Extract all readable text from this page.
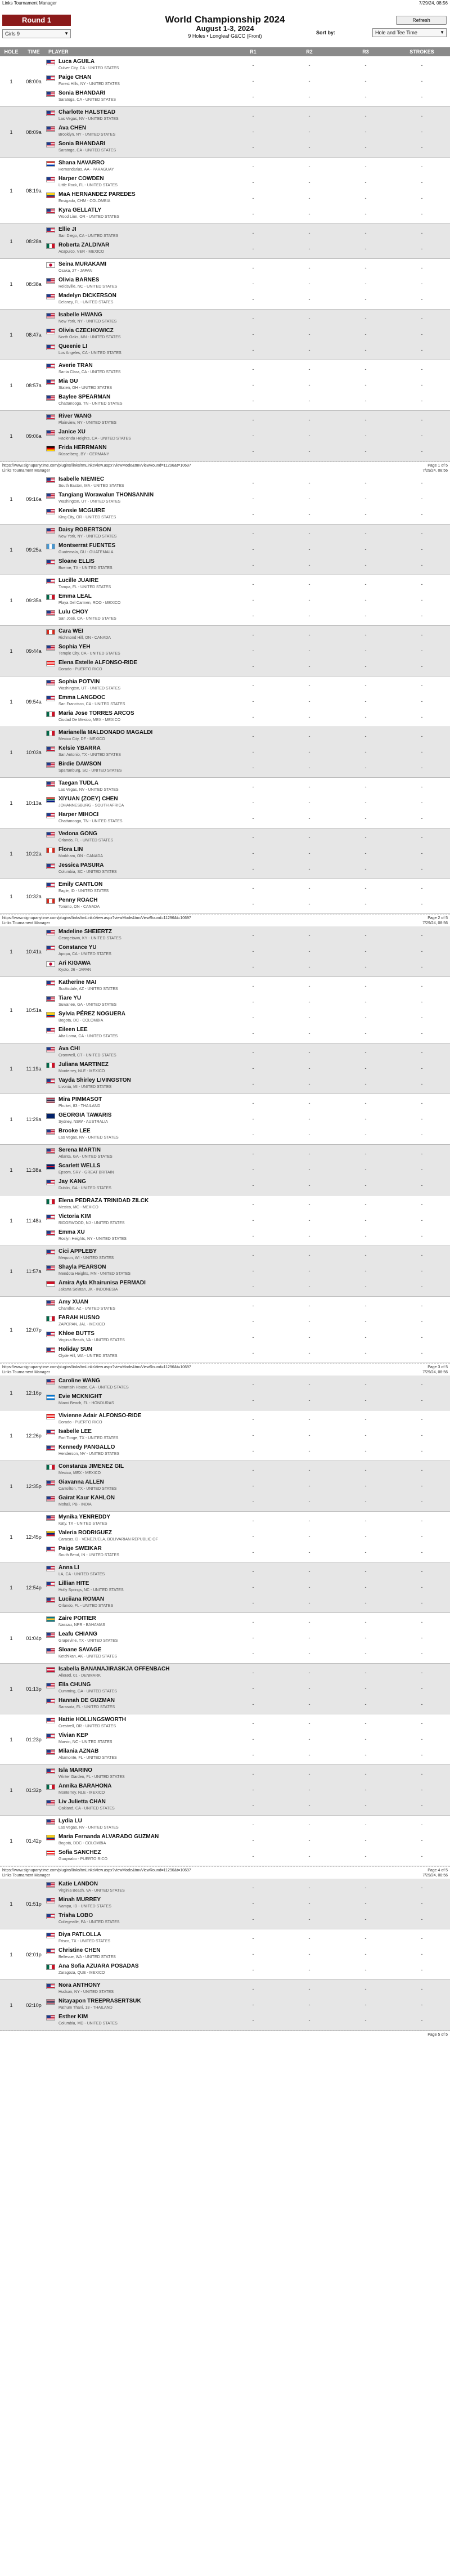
Links Tournament Manager	7/29/24, 08:56
Round 1
Girls 9	▼
World Championship 2024
August 1-3, 2024
9 Holes • Longleaf G&CC (Front)
Refresh
Sort by:	Hole and Tee Time	▼
HOLE	TIME	PLAYER	R1	R2	R3	STROKES
1	08:00a
Luca AGUILA
Culver City, CA - UNITED STATES
-	-	-	-
Paige CHAN
Forest Hills, NY - UNITED STATES
-	-	-	-
Sonia BHANDARI
Saratoga, CA - UNITED STATES
-	-	-	-
1	08:09a
Charlotte HALSTEAD
Las Vegas, NV - UNITED STATES
-	-	-	-
Ava CHEN
Brooklyn, NY - UNITED STATES
-	-	-	-
Sonia BHANDARI
Saratoga, CA - UNITED STATES
-	-	-	-
1	08:19a
Shana NAVARRO
Hernandarias, AA - PARAGUAY
-	-	-	-
Harper COWDEN
Little Rock, FL - UNITED STATES
-	-	-	-
MaA HERNANDEZ PAREDES
Envigado, CHM - COLOMBIA
-	-	-	-
Kyra GELLATLY
Wood Linn, OR - UNITED STATES
-	-	-	-
1	08:28a
Ellie JI
San Diego, CA - UNITED STATES
-	-	-	-
Roberta ZALDIVAR
Acapulco, VER - MEXICO
-	-	-	-
1	08:38a
Seina MURAKAMI
Osaka, 27 - JAPAN
-	-	-	-
Olivia BARNES
Reidsville, NC - UNITED STATES
-	-	-	-
Madelyn DICKERSON
Delaney, FL - UNITED STATES
-	-	-	-
1	08:47a
Isabelle HWANG
New York, NY - UNITED STATES
-	-	-	-
Olivia CZECHOWICZ
North Oaks, MN - UNITED STATES
-	-	-	-
Queenie LI
Los Angeles, CA - UNITED STATES
-	-	-	-
1	08:57a
Averie TRAN
Santa Clara, CA - UNITED STATES
-	-	-	-
Mia GU
Staten, OH - UNITED STATES
-	-	-	-
Baylee SPEARMAN
Chattanooga, TN - UNITED STATES
-	-	-	-
1	09:06a
River WANG
Plainview, NY - UNITED STATES
-	-	-	-
Janice XU
Hacienda Heights, CA - UNITED STATES
-	-	-	-
Frida HERRMANN
Rüsselberg, BY - GERMANY
-	-	-	-
https://www.signupanytime.com/plugins/links/tmLinksView.aspx?viewMode&tmvViewRound=11296&t=10697
Links Tournament Manager
Page 1 of 5
7/29/24, 08:56
1	09:16a
Isabelle NIEMIEC
South Easton, MA - UNITED STATES
-	-	-	-
Tangiang Worawalun THONSANNIN
Washington, UT - UNITED STATES
-	-	-	-
Kensie MCGUIRE
King City, OR - UNITED STATES
-	-	-	-
1	09:25a
Daisy ROBERTSON
New York, NY - UNITED STATES
-	-	-	-
Montserrat FUENTES
Guatemala, GU - GUATEMALA
-	-	-	-
Sloane ELLIS
Boerne, TX - UNITED STATES
-	-	-	-
1	09:35a
Lucille JUAIRE
Tampa, FL - UNITED STATES
-	-	-	-
Emma LEAL
Playa Del Carmen, ROO - MEXICO
-	-	-	-
Lulu CHOY
San José, CA - UNITED STATES
-	-	-	-
1	09:44a
Cara WEI
Richmond Hill, ON - CANADA
-	-	-	-
Sophia YEH
Temple City, CA - UNITED STATES
-	-	-	-
Elena Estelle ALFONSO-RIDE
Dorado - PUERTO RICO
-	-	-	-
1	09:54a
Sophia POTVIN
Washington, UT - UNITED STATES
-	-	-	-
Emma LANGDOC
San Francisco, CA - UNITED STATES
-	-	-	-
Maria Jose TORRES ARCOS
Ciudad De Mexico, MEX - MEXICO
-	-	-	-
1	10:03a
Marianella MALDONADO MAGALDI
Mexico City, DF - MEXICO
-	-	-	-
Kelsie YBARRA
San Antonio, TX - UNITED STATES
-	-	-	-
Birdie DAWSON
Spartanburg, SC - UNITED STATES
-	-	-	-
1	10:13a
Taegan TUDLA
Las Vegas, NV - UNITED STATES
-	-	-	-
XIYUAN (ZOEY) CHEN
JOHANNESBURG - SOUTH AFRICA
-	-	-	-
Harper MIHOCI
Chattanooga, TN - UNITED STATES
-	-	-	-
1	10:22a
Vedona GONG
Orlando, FL - UNITED STATES
-	-	-	-
Flora LIN
Markham, ON - CANADA
-	-	-	-
Jessica PASURA
Columbia, SC - UNITED STATES
-	-	-	-
1	10:32a
Emily CANTLON
Eagle, ID - UNITED STATES
-	-	-	-
Penny ROACH
Toronto, ON - CANADA
-	-	-	-
https://www.signupanytime.com/plugins/links/tmLinksView.aspx?viewMode&tmvViewRound=11296&t=10697
Links Tournament Manager
Page 2 of 5
7/29/24, 08:56
1	10:41a
Madeline SHEIERTZ
Georgetown, KY - UNITED STATES
-	-	-	-
Constance YU
Apopa, CA - UNITED STATES
-	-	-	-
Ari KIGAWA
Kyoto, 26 - JAPAN
-	-	-	-
1	10:51a
Katherine MAI
Scottsdale, AZ - UNITED STATES
-	-	-	-
Tiare YU
Suwanee, GA - UNITED STATES
-	-	-	-
Sylvia PÉREZ NOGUERA
Bogota, DC - COLOMBIA
-	-	-	-
Eileen LEE
Alta Loma, CA - UNITED STATES
-	-	-	-
1	11:19a
Ava CHI
Cromwell, CT - UNITED STATES
-	-	-	-
Juliana MARTINEZ
Monterrey, NLE - MEXICO
-	-	-	-
Vayda Shirley LIVINGSTON
Livonia, MI - UNITED STATES
-	-	-	-
1	11:29a
Mira PIMMASOT
Phuket, 83 - THAILAND
-	-	-	-
GEORGIA TAWARIS
Sydney, NSW - AUSTRALIA
-	-	-	-
Brooke LEE
Las Vegas, NV - UNITED STATES
-	-	-	-
1	11:38a
Serena MARTIN
Atlanta, GA - UNITED STATES
-	-	-	-
Scarlett WELLS
Epsom, SRY - GREAT BRITAIN
-	-	-	-
Jay KANG
Dublin, GA - UNITED STATES
-	-	-	-
1	11:48a
Elena PEDRAZA TRINIDAD ZILCK
Mexico, MC - MEXICO
-	-	-	-
Victoria KIM
RIDGEWOOD, NJ - UNITED STATES
-	-	-	-
Emma XU
Roslyn Heights, NY - UNITED STATES
-	-	-	-
1	11:57a
Cici APPLEBY
Mequon, WI - UNITED STATES
-	-	-	-
Shayla PEARSON
Mendota Heights, MN - UNITED STATES
-	-	-	-
Amira Ayla Khairunisa PERMADI
Jakarta Selatan, JK - INDONESIA
-	-	-	-
1	12:07p
Amy XUAN
Chandler, AZ - UNITED STATES
-	-	-	-
FARAH HUSNO
ZAPOPAN, JAL - MEXICO
-	-	-	-
Khloe BUTTS
Virginia Beach, VA - UNITED STATES
-	-	-	-
Holiday SUN
Clyde Hill, WA - UNITED STATES
-	-	-	-
https://www.signupanytime.com/plugins/links/tmLinksView.aspx?viewMode&tmvViewRound=11296&t=10697
Links Tournament Manager
Page 3 of 5
7/29/24, 08:56
1	12:16p
Caroline WANG
Mountain House, CA - UNITED STATES
-	-	-	-
Evie MCKNIGHT
Miami Beach, FL - HONDURAS
-	-	-	-
1	12:26p
Vivienne Adair ALFONSO-RIDE
Dorado - PUERTO RICO
-	-	-	-
Isabelle LEE
Fort Tonge, TX - UNITED STATES
-	-	-	-
Kennedy PANGALLO
Henderson, NV - UNITED STATES
-	-	-	-
1	12:35p
Constanza JIMENEZ GIL
Mexico, MEX - MEXICO
-	-	-	-
Giavanna ALLEN
Carrollton, TX - UNITED STATES
-	-	-	-
Gairat Kaur KAHLON
Mohali, PB - INDIA
-	-	-	-
1	12:45p
Mynika YENREDDY
Katy, TX - UNITED STATES
-	-	-	-
Valeria RODRIGUEZ
Caracas, D - VENEZUELA, BOLIVARIAN REPUBLIC OF
-	-	-	-
Paige SWEIKAR
South Bend, IN - UNITED STATES
-	-	-	-
1	12:54p
Anna LI
LA, CA - UNITED STATES
-	-	-	-
Lillian HITE
Holly Springs, NC - UNITED STATES
-	-	-	-
Luciiana ROMAN
Orlando, FL - UNITED STATES
-	-	-	-
1	01:04p
Zaire POITIER
Nassau, NPR - BAHAMAS
-	-	-	-
Leafu CHIANG
Grapevine, TX - UNITED STATES
-	-	-	-
Sloane SAVAGE
Ketchikan, AK - UNITED STATES
-	-	-	-
1	01:13p
Isabella BANANAJIRASKJA OFFENBACH
Allerød, 01 - DENMARK
-	-	-	-
Ella CHUNG
Cumming, GA - UNITED STATES
-	-	-	-
Hannah DE GUZMAN
Sarasota, FL - UNITED STATES
-	-	-	-
1	01:23p
Hattie HOLLINGSWORTH
Crestvell, OR - UNITED STATES
-	-	-	-
Vivian KEP
Marvin, NC - UNITED STATES
-	-	-	-
Milania AZNAB
Altamonte, FL - UNITED STATES
-	-	-	-
1	01:32p
Isla MARINO
Winter Garden, FL - UNITED STATES
-	-	-	-
Annika BARAHONA
Monterrey, NLE - MEXICO
-	-	-	-
Liv Julietta CHAN
Oakland, CA - UNITED STATES
-	-	-	-
1	01:42p
Lydia LU
Las Vegas, NV - UNITED STATES
-	-	-	-
Maria Fernanda ALVARADO GUZMAN
Bogotá, DDC - COLOMBIA
-	-	-	-
Sofia SANCHEZ
Guaynabo - PUERTO RICO
-	-	-	-
https://www.signupanytime.com/plugins/links/tmLinksView.aspx?viewMode&tmvViewRound=11296&t=10697
Links Tournament Manager
Page 4 of 5
7/29/24, 08:56
1	01:51p
Katie LANDON
Virginia Beach, VA - UNITED STATES
-	-	-	-
Minah MURREY
Nampa, ID - UNITED STATES
-	-	-	-
Trisha LOBO
Collegeville, PA - UNITED STATES
-	-	-	-
1	02:01p
Diya PATLOLLA
Frisco, TX - UNITED STATES
-	-	-	-
Christine CHEN
Bellevue, WA - UNITED STATES
-	-	-	-
Ana Sofia AZUARA POSADAS
Zaragoza, QUE - MEXICO
-	-	-	-
1	02:10p
Nora ANTHONY
Hudson, NY - UNITED STATES
-	-	-	-
Nitayapon TREEPRASERTSUK
Pathum Thani, 13 - THAILAND
-	-	-	-
Esther KIM
Columbia, MD - UNITED STATES
-	-	-	-
Page 5 of 5
